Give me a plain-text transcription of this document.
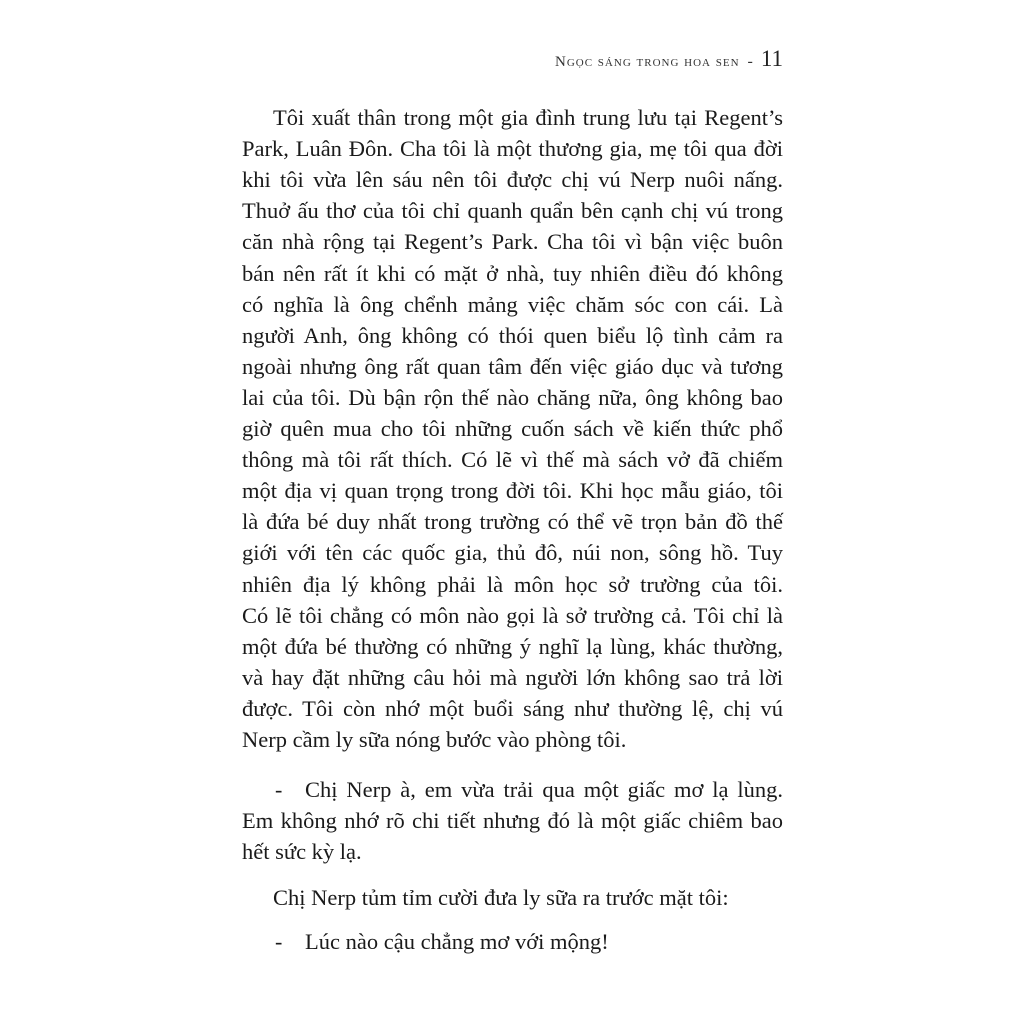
Ngọc sáng trong hoa sen - 11
Tôi xuất thân trong một gia đình trung lưu tại Regent’s
Park, Luân Đôn. Cha tôi là một thương gia, mẹ tôi qua đời
khi tôi vừa lên sáu nên tôi được chị vú Nerp nuôi nấng.
Thuở ấu thơ của tôi chỉ quanh quẩn bên cạnh chị vú trong
căn nhà rộng tại Regent’s Park. Cha tôi vì bận việc buôn
bán nên rất ít khi có mặt ở nhà, tuy nhiên điều đó không
có nghĩa là ông chểnh mảng việc chăm sóc con cái. Là
người Anh, ông không có thói quen biểu lộ tình cảm ra
ngoài nhưng ông rất quan tâm đến việc giáo dục và tương
lai của tôi. Dù bận rộn thế nào chăng nữa, ông không bao
giờ quên mua cho tôi những cuốn sách về kiến thức phổ
thông mà tôi rất thích. Có lẽ vì thế mà sách vở đã chiếm
một địa vị quan trọng trong đời tôi. Khi học mẫu giáo, tôi
là đứa bé duy nhất trong trường có thể vẽ trọn bản đồ thế
giới với tên các quốc gia, thủ đô, núi non, sông hồ. Tuy
nhiên địa lý không phải là môn học sở trường của tôi.
Có lẽ tôi chẳng có môn nào gọi là sở trường cả. Tôi chỉ là
một đứa bé thường có những ý nghĩ lạ lùng, khác thường,
và hay đặt những câu hỏi mà người lớn không sao trả lời
được. Tôi còn nhớ một buổi sáng như thường lệ, chị vú
Nerp cầm ly sữa nóng bước vào phòng tôi.
- Chị Nerp à, em vừa trải qua một giấc mơ lạ lùng.
Em không nhớ rõ chi tiết nhưng đó là một giấc chiêm bao
hết sức kỳ lạ.
Chị Nerp tủm tỉm cười đưa ly sữa ra trước mặt tôi:
- Lúc nào cậu chẳng mơ với mộng!
